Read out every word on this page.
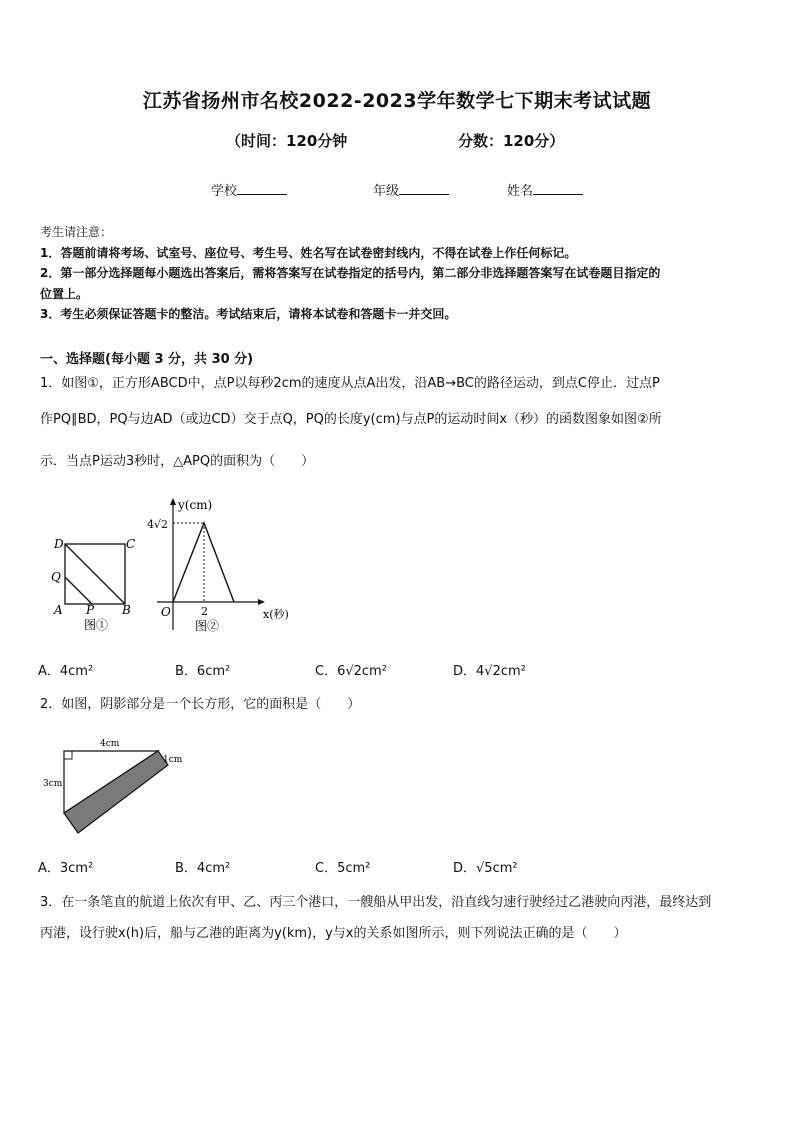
江苏省扬州市名校2022-2023学年数学七下期末考试试题
（时间：120分钟	分数：120分）
学校	年级	姓名
考生请注意：
1．答题前请将考场、试室号、座位号、考生号、姓名写在试卷密封线内，不得在试卷上作任何标记。
2．第一部分选择题每小题选出答案后，需将答案写在试卷指定的括号内，第二部分非选择题答案写在试卷题目指定的
位置上。
3．考生必须保证答题卡的整洁。考试结束后，请将本试卷和答题卡一并交回。
一、选择题(每小题 3 分，共 30 分)
1．如图①，正方形ABCD中，点P以每秒2cm的速度从点A出发，沿AB→BC的路径运动，到点C停止．过点P
作PQ∥BD，PQ与边AD（或边CD）交于点Q，PQ的长度y(cm)与点P的运动时间x（秒）的函数图象如图②所
示．当点P运动3秒时，△APQ的面积为（　　）
D	C
Q
A P B
图①
y(cm)
4√2
O	2	x(秒)
图②
A．4cm²	B．6cm²	C．6√2cm²	D．4√2cm²
2．如图，阴影部分是一个长方形，它的面积是（　　）
4cm
3cm
1cm
A．3cm²	B．4cm²	C．5cm²	D．√5cm²
3．在一条笔直的航道上依次有甲、乙、丙三个港口，一艘船从甲出发，沿直线匀速行驶经过乙港驶向丙港，最终达到
丙港，设行驶x(h)后，船与乙港的距离为y(km)，y与x的关系如图所示，则下列说法正确的是（　　）
